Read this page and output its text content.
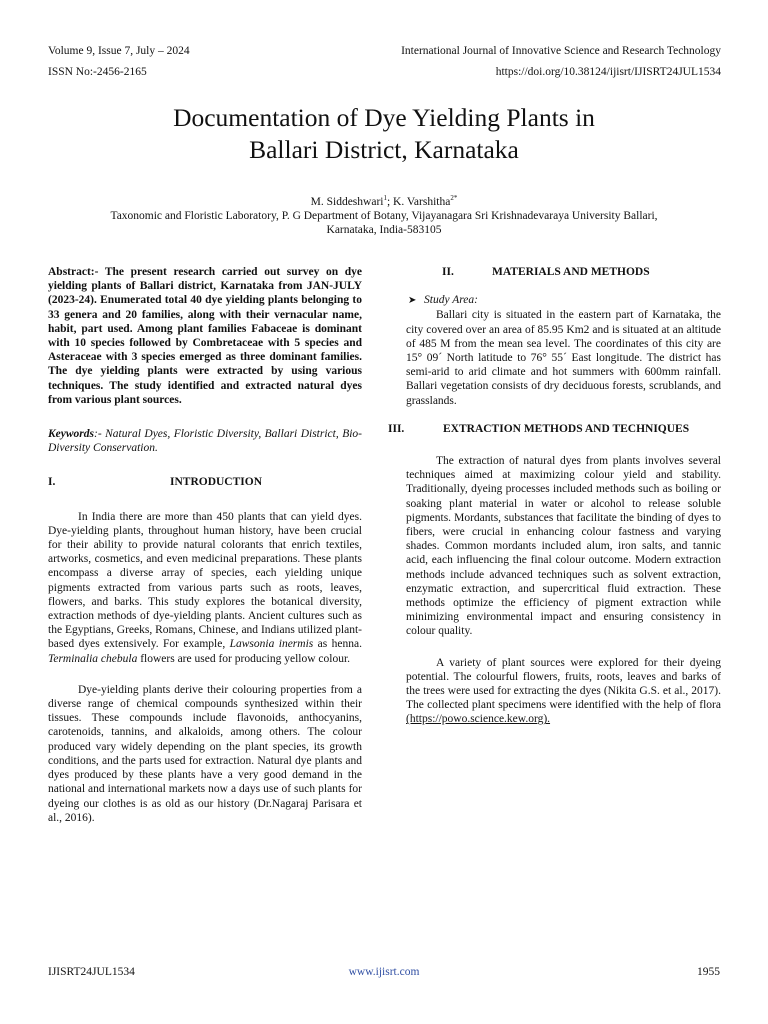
Volume 9, Issue 7, July – 2024	International Journal of Innovative Science and Research Technology
ISSN No:-2456-2165	https://doi.org/10.38124/ijisrt/IJISRT24JUL1534
Documentation of Dye Yielding Plants in
Ballari District, Karnataka
M. Siddeshwari$^1$; K. Varshitha$^{2*}$
Taxonomic and Floristic Laboratory, P. G Department of Botany, Vijayanagara Sri Krishnadevaraya University Ballari,
Karnataka, India-583105

Abstract:- The present research carried out survey on dye yielding plants of Ballari district, Karnataka from JAN-JULY (2023-24). Enumerated total 40 dye yielding plants belonging to 33 genera and 20 families, along with their vernacular name, habit, part used. Among plant families Fabaceae is dominant with 10 species followed by Combretaceae with 5 species and Asteraceae with 3 species emerged as three dominant families. The dye yielding plants were extracted by using various techniques. The study identified and extracted natural dyes from various plant sources.

Keywords:- Natural Dyes, Floristic Diversity, Ballari District, Bio-Diversity Conservation.

I.	INTRODUCTION

In India there are more than 450 plants that can yield dyes. Dye-yielding plants, throughout human history, have been crucial for their ability to provide natural colorants that enrich textiles, artworks, cosmetics, and even medicinal preparations. These plants encompass a diverse array of species, each yielding unique pigments extracted from various parts such as roots, leaves, flowers, and barks. This study explores the botanical diversity, extraction methods of dye-yielding plants. Ancient cultures such as the Egyptians, Greeks, Romans, Chinese, and Indians utilized plant-based dyes extensively. For example, Lawsonia inermis as henna. Terminalia chebula flowers are used for producing yellow colour.

Dye-yielding plants derive their colouring properties from a diverse range of chemical compounds synthesized within their tissues. These compounds include flavonoids, anthocyanins, carotenoids, tannins, and alkaloids, among others. The colour produced vary widely depending on the plant species, its growth conditions, and the parts used for extraction. Natural dye plants and dyes produced by these plants have a very good demand in the national and international markets now a days use of such plants for dyeing our clothes is as old as our history (Dr.Nagaraj Parisara et al., 2016).

II.	MATERIALS AND METHODS
➤ Study Area:

Ballari city is situated in the eastern part of Karnataka, the city covered over an area of 85.95 Km2 and is situated at an altitude of 485 M from the mean sea level. The coordinates of this city are 15° 09´ North latitude to 76° 55´ East longitude. The district has semi-arid to arid climate and hot summers with 600mm rainfall. Ballari vegetation consists of dry deciduous forests, scrublands, and grasslands.

III.	EXTRACTION METHODS AND TECHNIQUES

The extraction of natural dyes from plants involves several techniques aimed at maximizing colour yield and stability. Traditionally, dyeing processes included methods such as boiling or soaking plant material in water or alcohol to release soluble pigments. Mordants, substances that facilitate the binding of dyes to fibers, were crucial in enhancing colour fastness and varying shades. Common mordants included alum, iron salts, and tannic acid, each influencing the final colour outcome. Modern extraction methods include advanced techniques such as solvent extraction, enzymatic extraction, and supercritical fluid extraction. These methods optimize the efficiency of pigment extraction while minimizing environmental impact and ensuring consistency in colour quality.

A variety of plant sources were explored for their dyeing potential. The colourful flowers, fruits, roots, leaves and barks of the trees were used for extracting the dyes (Nikita G.S. et al., 2017). The collected plant specimens were identified with the help of flora (https://powo.science.kew.org).

IJISRT24JUL1534	www.ijisrt.com	1955
